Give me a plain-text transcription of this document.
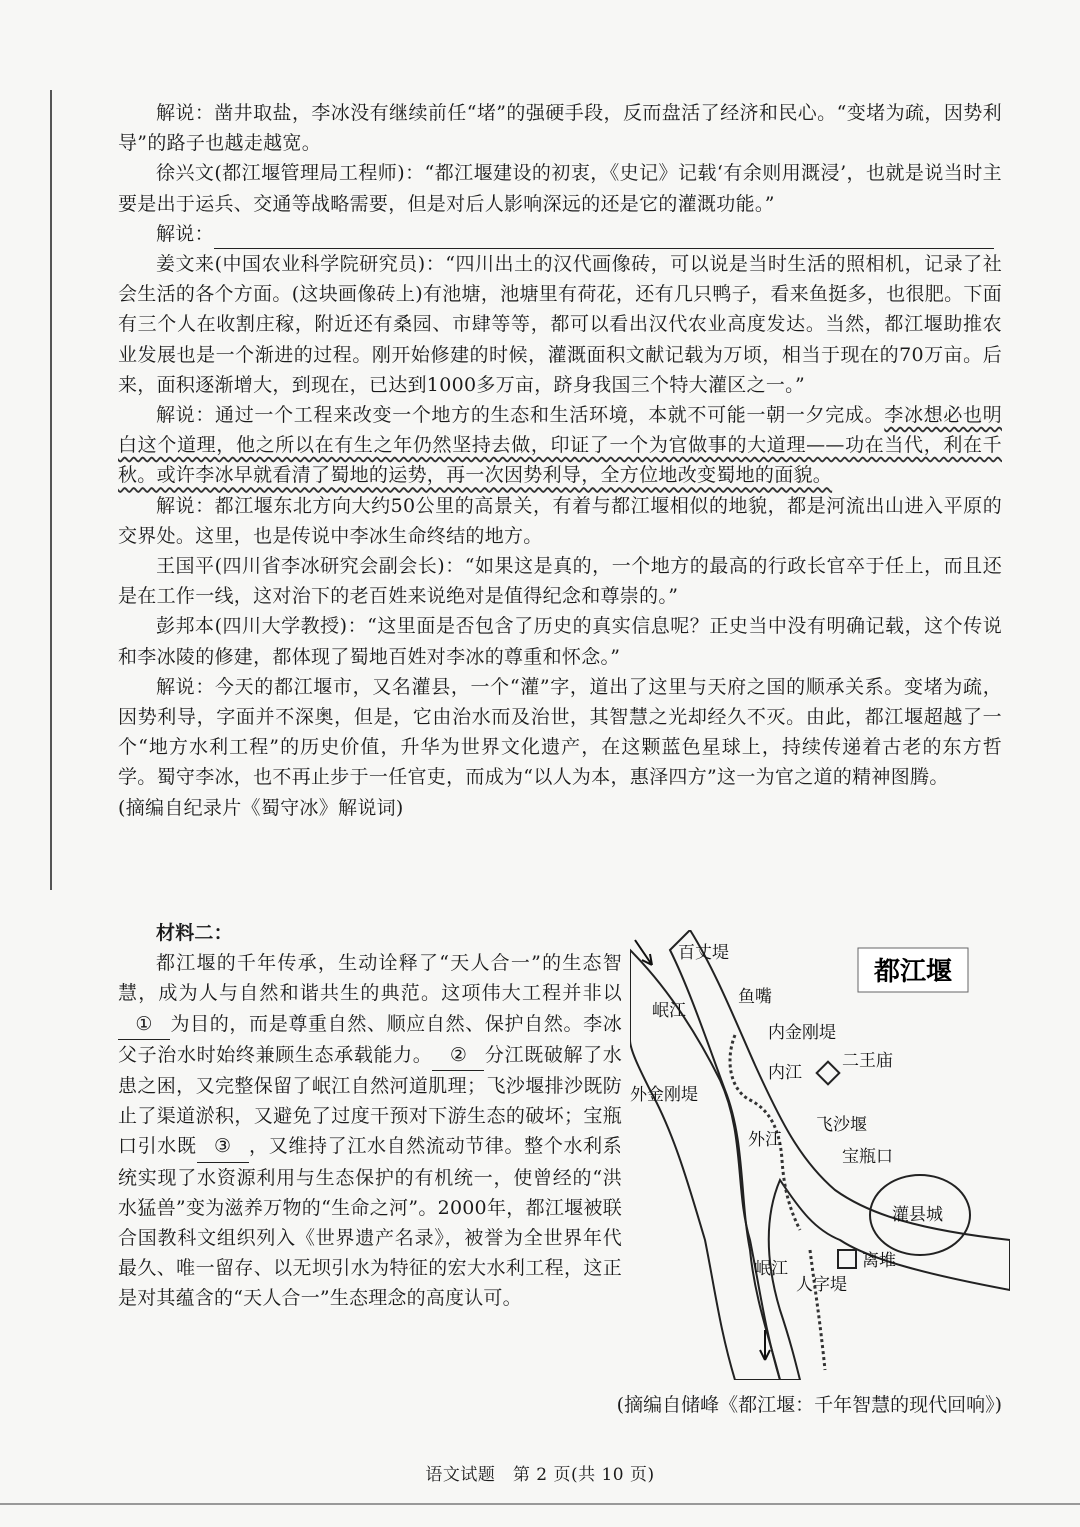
解说：凿井取盐，李冰没有继续前任“堵”的强硬手段，反而盘活了经济和民心。“变堵为疏，因势利导”的路子也越走越宽。

徐兴文(都江堰管理局工程师)：“都江堰建设的初衷，《史记》记载‘有余则用溉浸’，也就是说当时主要是出于运兵、交通等战略需要，但是对后人影响深远的还是它的灌溉功能。”

解说：

姜文来(中国农业科学院研究员)：“四川出土的汉代画像砖，可以说是当时生活的照相机，记录了社会生活的各个方面。(这块画像砖上)有池塘，池塘里有荷花，还有几只鸭子，看来鱼挺多，也很肥。下面有三个人在收割庄稼，附近还有桑园、市肆等等，都可以看出汉代农业高度发达。当然，都江堰助推农业发展也是一个渐进的过程。刚开始修建的时候，灌溉面积文献记载为万顷，相当于现在的70万亩。后来，面积逐渐增大，到现在，已达到1000多万亩，跻身我国三个特大灌区之一。”

解说：通过一个工程来改变一个地方的生态和生活环境，本就不可能一朝一夕完成。李冰想必也明白这个道理，他之所以在有生之年仍然坚持去做，印证了一个为官做事的大道理——功在当代，利在千秋。或许李冰早就看清了蜀地的运势，再一次因势利导，全方位地改变蜀地的面貌。

解说：都江堰东北方向大约50公里的高景关，有着与都江堰相似的地貌，都是河流出山进入平原的交界处。这里，也是传说中李冰生命终结的地方。

王国平(四川省李冰研究会副会长)：“如果这是真的，一个地方的最高的行政长官卒于任上，而且还是在工作一线，这对治下的老百姓来说绝对是值得纪念和尊崇的。”

彭邦本(四川大学教授)：“这里面是否包含了历史的真实信息呢？正史当中没有明确记载，这个传说和李冰陵的修建，都体现了蜀地百姓对李冰的尊重和怀念。”

解说：今天的都江堰市，又名灌县，一个“灌”字，道出了这里与天府之国的顺承关系。变堵为疏，因势利导，字面并不深奥，但是，它由治水而及治世，其智慧之光却经久不灭。由此，都江堰超越了一个“地方水利工程”的历史价值，升华为世界文化遗产，在这颗蓝色星球上，持续传递着古老的东方哲学。蜀守李冰，也不再止步于一任官吏，而成为“以人为本，惠泽四方”这一为官之道的精神图腾。

(摘编自纪录片《蜀守冰》解说词)

材料二：

都江堰的千年传承，生动诠释了“天人合一”的生态智慧，成为人与自然和谐共生的典范。这项伟大工程并非以① 为目的，而是尊重自然、顺应自然、保护自然。李冰父子治水时始终兼顾生态承载能力。 ② 分江既破解了水患之困，又完整保留了岷江自然河道肌理；飞沙堰排沙既防止了渠道淤积，又避免了过度干预对下游生态的破坏；宝瓶口引水既 ③ ，又维持了江水自然流动节律。整个水利系统实现了水资源利用与生态保护的有机统一，使曾经的“洪水猛兽”变为滋养万物的“生命之河”。2000年，都江堰被联合国教科文组织列入《世界遗产名录》，被誉为全世界年代最久、唯一留存、以无坝引水为特征的宏大水利工程，这正是对其蕴含的“天人合一”生态理念的高度认可。

都江堰
百丈堤
岷江
鱼嘴
内金刚堤
二王庙
内江
外金刚堤
飞沙堰
外江
宝瓶口
灌县城
岷江
人字堤
离堆
(摘编自储峰《都江堰：千年智慧的现代回响》)
语文试题　第 2 页(共 10 页)
